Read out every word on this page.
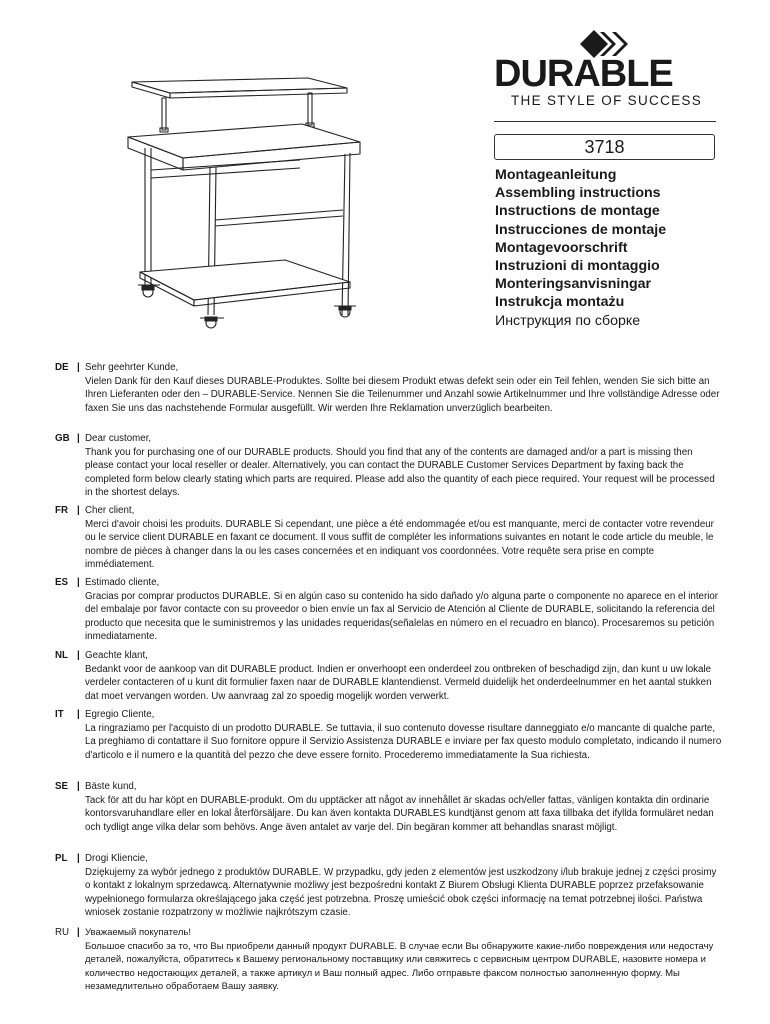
DURABLE
THE STYLE OF SUCCESS
3718
Montageanleitung
Assembling instructions
Instructions de montage
Instrucciones de montaje
Montagevoorschrift
Instruzioni di montaggio
Monteringsanvisningar
Instrukcja montażu
Инструкция по сборке
DE | Sehr geehrter Kunde,
Vielen Dank für den Kauf dieses DURABLE-Produktes. Sollte bei diesem Produkt etwas defekt sein oder ein Teil fehlen, wenden Sie sich bitte an Ihren Lieferanten oder den – DURABLE-Service. Nennen Sie die Teilenummer und Anzahl sowie Artikelnummer und Ihre vollständige Adresse oder faxen Sie uns das nachstehende Formular ausgefüllt. Wir werden Ihre Reklamation unverzüglich bearbeiten.
GB | Dear customer,
Thank you for purchasing one of our DURABLE products. Should you find that any of the contents are damaged and/or a part is missing then please contact your local reseller or dealer. Alternatively, you can contact the DURABLE Customer Services Department by faxing back the completed form below clearly stating which parts are required. Please add also the quantity of each piece required. Your request will be processed in the shortest delays.
FR | Cher client,
Merci d'avoir choisi les produits. DURABLE Si cependant, une pièce a été endommagée et/ou est manquante, merci de contacter votre revendeur ou le service client DURABLE en faxant ce document. Il vous suffit de compléter les informations suivantes en notant le code article du meuble, le nombre de pièces à changer dans la ou les cases concernées et en indiquant vos coordonnées. Votre requête sera prise en compte immédiatement.
ES | Estimado cliente,
Gracias por comprar productos DURABLE. Si en algún caso su contenido ha sido dañado y/o alguna parte o componente no aparece en el interior del embalaje por favor contacte con su proveedor o bien envíe un fax al Servicio de Atención al Cliente de DURABLE, solicitando la referencia del producto que necesita que le suministremos y las unidades requeridas(señalelas en número en el recuadro en blanco). Procesaremos su petición inmediatamente.
NL | Geachte klant,
Bedankt voor de aankoop van dit DURABLE product. Indien er onverhoopt een onderdeel zou ontbreken of beschadigd zijn, dan kunt u uw lokale verdeler contacteren of u kunt dit formulier faxen naar de DURABLE klantendienst. Vermeld duidelijk het onderdeelnummer en het aantal stukken dat moet vervangen worden. Uw aanvraag zal zo spoedig mogelijk worden verwerkt.
IT	| Egregio Cliente,
La ringraziamo per l'acquisto di un prodotto DURABLE. Se tuttavia, il suo contenuto dovesse risultare danneggiato e/o mancante di qualche parte, La preghiamo di contattare il Suo fornitore oppure il Servizio Assistenza DURABLE e inviare per fax questo modulo completato, indicando il numero d'articolo e il numero e la quantità del pezzo che deve essere fornito. Procederemo immediatamente la Sua richiesta.
SE | Bäste kund,
Tack för att du har köpt en DURABLE-produkt. Om du upptäcker att något av innehållet är skadas och/eller fattas, vänligen kontakta din ordinarie kontorsvaruhandlare eller en lokal återförsäljare. Du kan även kontakta DURABLES kundtjänst genom att faxa tillbaka det ifyllda formuläret nedan och tydligt ange vilka delar som behövs. Ange även antalet av varje del. Din begäran kommer att behandlas snarast möjligt.
PL | Drogi Kliencie,
Dziękujemy za wybór jednego z produktów DURABLE. W przypadku, gdy jeden z elementów jest uszkodzony i/lub brakuje jednej z części prosimy o kontakt z lokalnym sprzedawcą. Alternatywnie możliwy jest bezpośredni kontakt Z Biurem Obsługi Klienta DURABLE poprzez przefaksowanie wypełnionego formularza określającego jaka część jest potrzebna. Proszę umieścić obok części informację na temat potrzebnej ilości. Państwa wniosek zostanie rozpatrzony w możliwie najkrótszym czasie.
RU | Уважаемый покупатель!
Большое спасибо за то, что Вы приобрели данный продукт DURABLE. В случае если Вы обнаружите какие-либо повреждения или недостачу деталей, пожалуйста, обратитесь к Вашему региональному поставщику или свяжитесь с сервисным центром DURABLE, назовите номера и количество недостающих деталей, а также артикул и Ваш полный адрес. Либо отправьте факсом полностью заполненную форму. Мы незамедлительно обработаем Вашу заявку.
